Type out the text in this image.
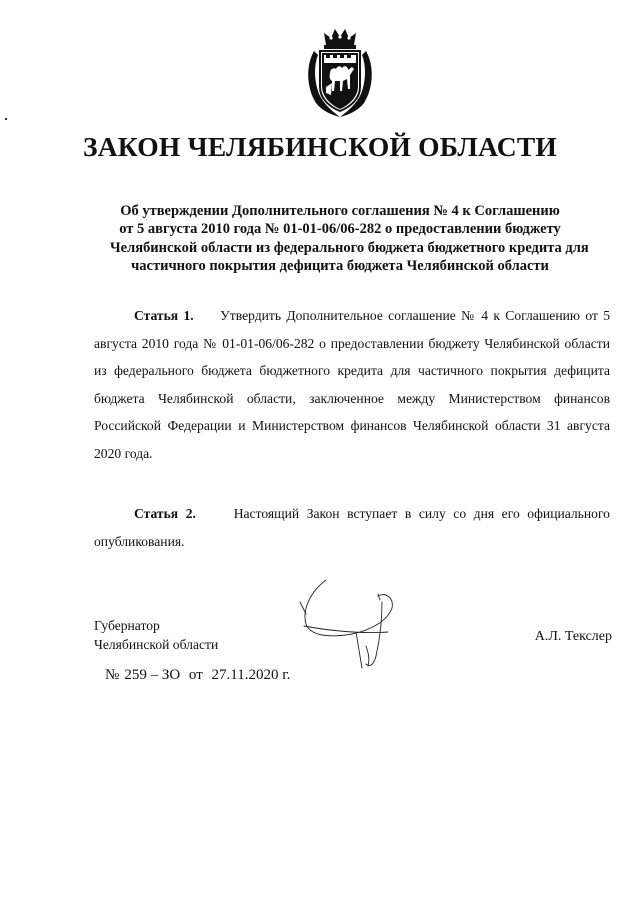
ЗАКОН ЧЕЛЯБИНСКОЙ ОБЛАСТИ
Об утверждении Дополнительного соглашения № 4 к Соглашению
от 5 августа 2010 года № 01-01-06/06-282 о предоставлении бюджету
Челябинской области из федерального бюджета бюджетного кредита для
частичного покрытия дефицита бюджета Челябинской области
Статья 1. Утвердить Дополнительное соглашение № 4 к Соглашению от 5 августа 2010 года № 01-01-06/06-282 о предоставлении бюджету Челябинской области из федерального бюджета бюджетного кредита для частичного покрытия дефицита бюджета Челябинской области, заключенное между Министерством финансов Российской Федерации и Министерством финансов Челябинской области 31 августа 2020 года.
Статья 2.	Настоящий Закон вступает в силу со дня его официального опубликования.
Губернатор
Челябинской области	А.Л. Текслер
№ 259 – ЗО от 27.11.2020 г.
